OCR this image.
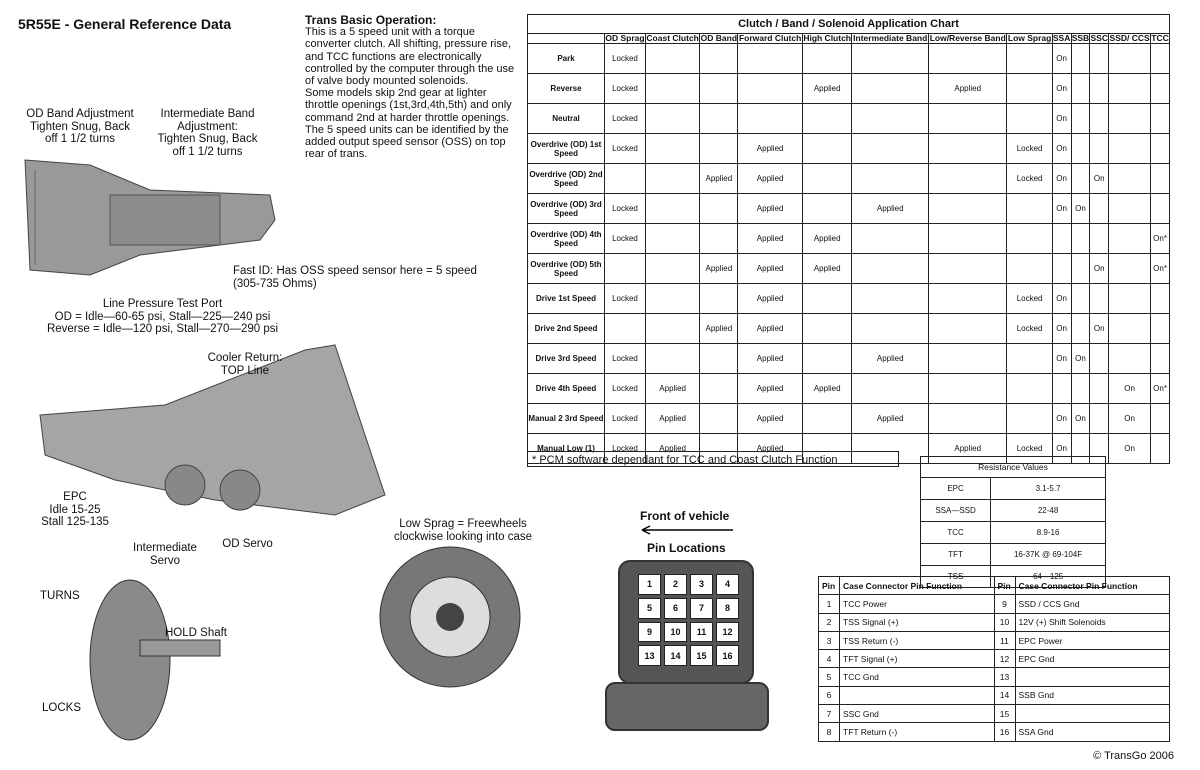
5R55E - General Reference Data	Trans Basic Operation:
This is a 5 speed unit with a torque converter clutch. All shifting, pressure rise, and TCC functions are electronically controlled by the computer through the use of valve body mounted solenoids.
Some models skip 2nd gear at lighter throttle openings (1st,3rd,4th,5th) and only command 2nd at harder throttle openings.
The 5 speed units can be identified by the added output speed sensor (OSS) on top rear of trans.
OD Band Adjustment
Tighten Snug, Back
off 1 1/2 turns
Intermediate Band
Adjustment:
Tighten Snug, Back
off 1 1/2 turns
Fast ID: Has OSS speed sensor here = 5 speed
(305-735 Ohms)
Line Pressure Test Port
OD = Idle—60-65 psi, Stall—225—240 psi
Reverse = Idle—120 psi, Stall—270—290 psi
Cooler Return:
TOP Line
EPC
Idle 15-25
Stall 125-135
Intermediate
Servo
OD Servo
Low Sprag = Freewheels
clockwise looking into case
TURNS
HOLD Shaft
LOCKS
Front of vehicle
Pin Locations
1	2	3	4
5	6	7	8
9	10	11	12
13	14	15	16
Clutch / Band / Solenoid Application Chart													
	OD Sprag	Coast Clutch	OD Band	Forward Clutch	High Clutch	Intermediate Band	Low/Reverse Band	Low Sprag	SSA	SSB	SSC	SSD/ CCS	TCC
Park	Locked								On				
Reverse	Locked				Applied		Applied		On				
Neutral	Locked								On				
Overdrive (OD) 1st Speed	Locked			Applied				Locked	On				
Overdrive (OD) 2nd Speed			Applied	Applied				Locked	On		On		
Overdrive (OD) 3rd Speed	Locked			Applied		Applied			On	On			
Overdrive (OD) 4th Speed	Locked			Applied	Applied								On*
Overdrive (OD) 5th Speed			Applied	Applied	Applied						On		On*
Drive 1st Speed	Locked			Applied				Locked	On				
Drive 2nd Speed			Applied	Applied				Locked	On		On		
Drive 3rd Speed	Locked			Applied		Applied			On	On			
Drive 4th Speed	Locked	Applied		Applied	Applied							On	On*
Manual 2 3rd Speed	Locked	Applied		Applied		Applied			On	On		On	
Manual Low (1)	Locked	Applied		Applied			Applied	Locked	On			On	
* PCM software dependant for TCC and Coast Clutch Function
Resistance Values	
EPC	3.1-5.7
SSA—SSD	22-48
TCC	8.9-16
TFT	16-37K @ 69-104F
TSS	64—125
Pin	Case Connector Pin Function	Pin	Case Connector Pin Function
1	TCC Power	9	SSD / CCS Gnd
2	TSS Signal (+)	10	12V (+) Shift Solenoids
3	TSS Return (-)	11	EPC Power
4	TFT Signal (+)	12	EPC Gnd
5	TCC Gnd	13	
6		14	SSB Gnd
7	SSC Gnd	15	
8	TFT Return (-)	16	SSA Gnd
© TransGo 2006
